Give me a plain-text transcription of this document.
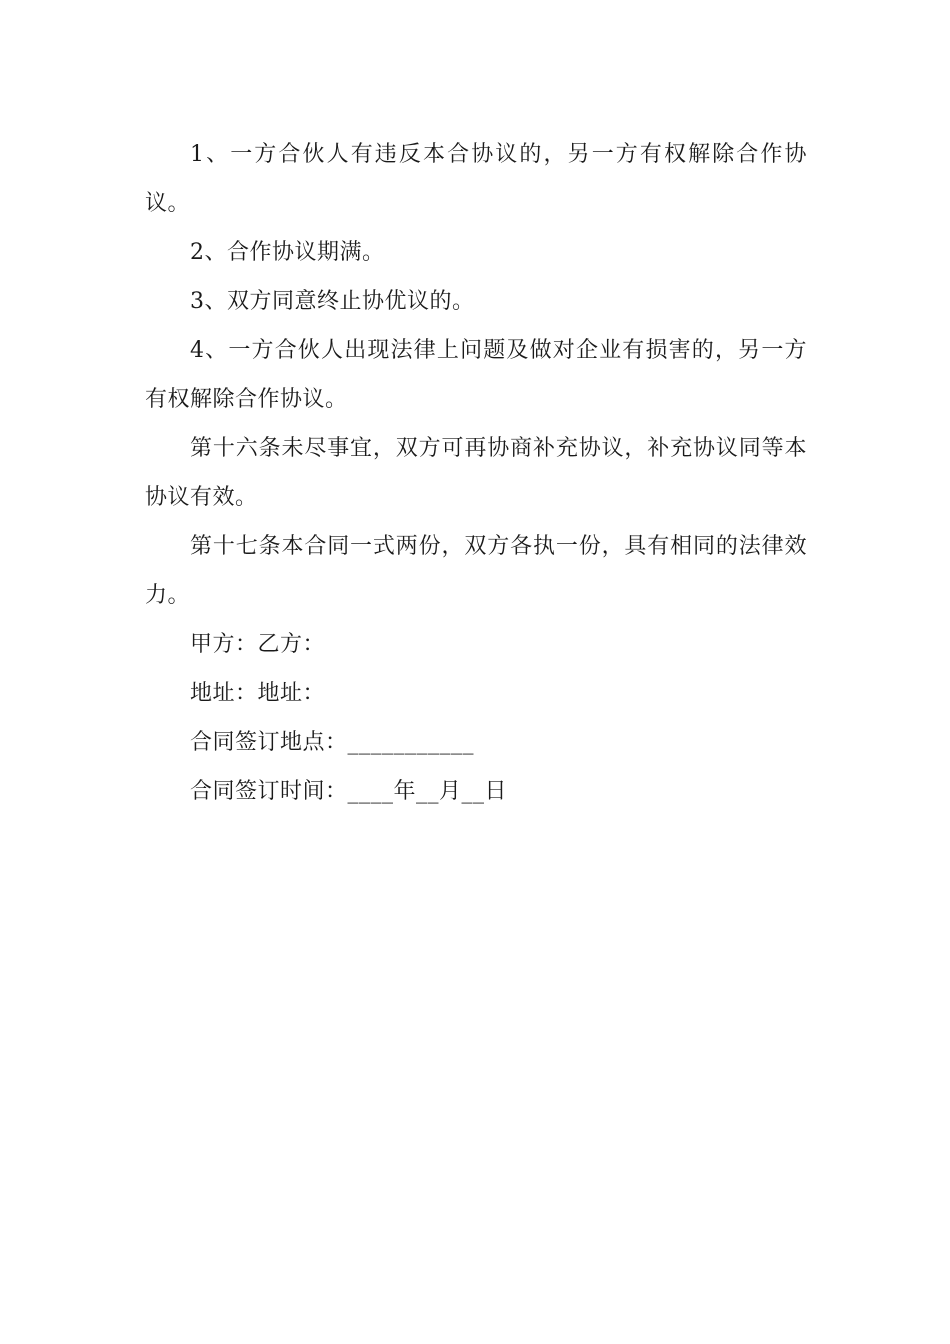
1、一方合伙人有违反本合协议的，另一方有权解除合作协议。

2、合作协议期满。

3、双方同意终止协优议的。

4、一方合伙人出现法律上问题及做对企业有损害的，另一方有权解除合作协议。

第十六条未尽事宜，双方可再协商补充协议，补充协议同等本协议有效。

第十七条本合同一式两份，双方各执一份，具有相同的法律效力。

甲方：乙方：

地址：地址：

合同签订地点：___________

合同签订时间：____年__月__日
